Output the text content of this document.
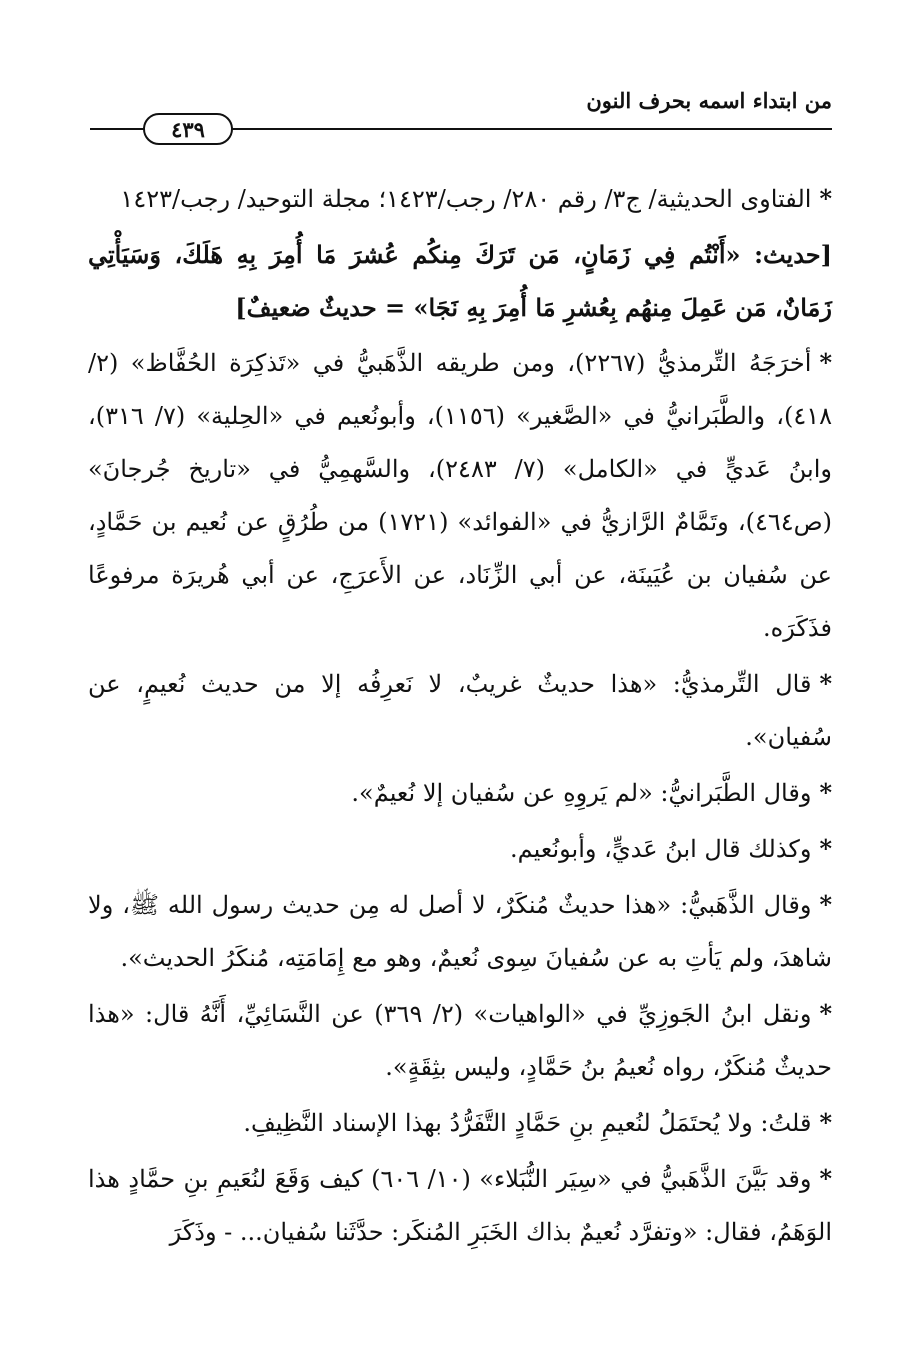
من ابتداء اسمه بحرف النون
٤٣٩

*الفتاوى الحديثية/ ج٣/ رقم ٢٨٠/ رجب/١٤٢٣؛ مجلة التوحيد/ رجب/١٤٢٣

[حديث: «أَنْتُم فِي زَمَانٍ، مَن تَرَكَ مِنكُم عُشرَ مَا أُمِرَ بِهِ هَلَكَ، وَسَيَأْتِي زَمَانٌ، مَن عَمِلَ مِنهُم بِعُشرِ مَا أُمِرَ بِهِ نَجَا» = حديثٌ ضعيفٌ]

*أخرَجَهُ التِّرمذيُّ (٢٢٦٧)، ومن طريقه الذَّهَبيُّ في «تَذكِرَة الحُفَّاظ» (٢/ ٤١٨)، والطَّبَرانيُّ في «الصَّغير» (١١٥٦)، وأبونُعيم في «الحِلية» (٧/ ٣١٦)، وابنُ عَديٍّ في «الكامل» (٧/ ٢٤٨٣)، والسَّهمِيُّ في «تاريخ جُرجانَ» (ص٤٦٤)، وتَمَّامٌ الرَّازيُّ في «الفوائد» (١٧٢١) من طُرُقٍ عن نُعيم بن حَمَّادٍ، عن سُفيان بن عُيَينَة، عن أبي الزِّنَاد، عن الأَعرَجِ، عن أبي هُريرَة مرفوعًا فذَكَرَه.

*قال التِّرمذيُّ: «هذا حديثٌ غريبٌ، لا نَعرِفُه إلا من حديث نُعيمٍ، عن سُفيان».

*وقال الطَّبَرانيُّ: «لم يَروِهِ عن سُفيان إلا نُعيمٌ».

*وكذلك قال ابنُ عَديٍّ، وأبونُعيم.

*وقال الذَّهَبيُّ: «هذا حديثٌ مُنكَرٌ، لا أصل له مِن حديث رسول الله ﷺ، ولا شاهدَ، ولم يَأتِ به عن سُفيانَ سِوى نُعيمٌ، وهو مع إِمَامَتِه، مُنكَرُ الحديث».

*ونقل ابنُ الجَوزِيِّ في «الواهيات» (٢/ ٣٦٩) عن النَّسَائِيِّ، أَنَّهُ قال: «هذا حديثٌ مُنكَرٌ، رواه نُعيمُ بنُ حَمَّادٍ، وليس بثِقَةٍ».

*قلتُ: ولا يُحتَمَلُ لنُعيمِ بنِ حَمَّادٍ التَّفَرُّدُ بهذا الإسناد النَّظِيفِ.

*وقد بَيَّنَ الذَّهَبيُّ في «سِيَر النُّبَلاء» (١٠/ ٦٠٦) كيف وَقَعَ لنُعَيمِ بنِ حمَّادٍ هذا الوَهَمُ، فقال: «وتفرَّد نُعيمٌ بذاك الخَبَرِ المُنكَر: حدَّثَنا سُفيان... - وذَكَرَ
